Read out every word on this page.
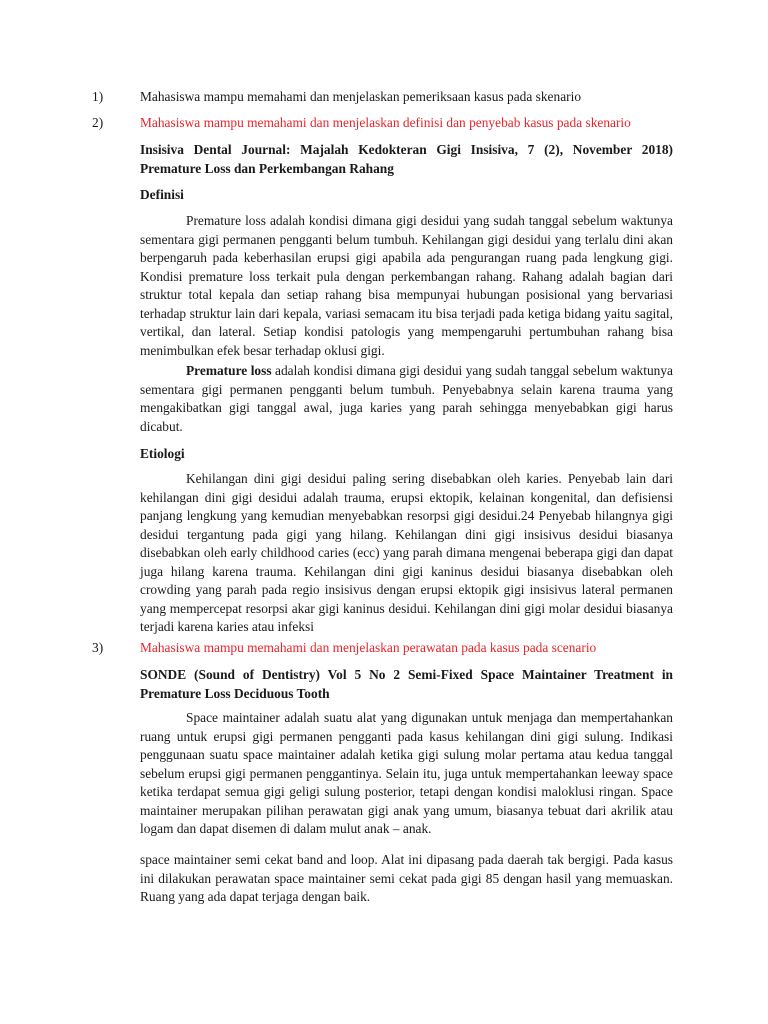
1)	Mahasiswa mampu memahami dan menjelaskan pemeriksaan kasus pada skenario
2)	Mahasiswa mampu memahami dan menjelaskan definisi dan penyebab kasus pada skenario
Insisiva Dental Journal: Majalah Kedokteran Gigi Insisiva, 7 (2), November 2018) Premature Loss dan Perkembangan Rahang
Definisi

Premature loss adalah kondisi dimana gigi desidui yang sudah tanggal sebelum waktunya sementara gigi permanen pengganti belum tumbuh. Kehilangan gigi desidui yang terlalu dini akan berpengaruh pada keberhasilan erupsi gigi apabila ada pengurangan ruang pada lengkung gigi. Kondisi premature loss terkait pula dengan perkembangan rahang. Rahang adalah bagian dari struktur total kepala dan setiap rahang bisa mempunyai hubungan posisional yang bervariasi terhadap struktur lain dari kepala, variasi semacam itu bisa terjadi pada ketiga bidang yaitu sagital, vertikal, dan lateral. Setiap kondisi patologis yang mempengaruhi pertumbuhan rahang bisa menimbulkan efek besar terhadap oklusi gigi.

Premature loss adalah kondisi dimana gigi desidui yang sudah tanggal sebelum waktunya sementara gigi permanen pengganti belum tumbuh. Penyebabnya selain karena trauma yang mengakibatkan gigi tanggal awal, juga karies yang parah sehingga menyebabkan gigi harus dicabut.

Etiologi

Kehilangan dini gigi desidui paling sering disebabkan oleh karies. Penyebab lain dari kehilangan dini gigi desidui adalah trauma, erupsi ektopik, kelainan kongenital, dan defisiensi panjang lengkung yang kemudian menyebabkan resorpsi gigi desidui.24 Penyebab hilangnya gigi desidui tergantung pada gigi yang hilang. Kehilangan dini gigi insisivus desidui biasanya disebabkan oleh early childhood caries (ecc) yang parah dimana mengenai beberapa gigi dan dapat juga hilang karena trauma. Kehilangan dini gigi kaninus desidui biasanya disebabkan oleh crowding yang parah pada regio insisivus dengan erupsi ektopik gigi insisivus lateral permanen yang mempercepat resorpsi akar gigi kaninus desidui. Kehilangan dini gigi molar desidui biasanya terjadi karena karies atau infeksi

3)	Mahasiswa mampu memahami dan menjelaskan perawatan pada kasus pada scenario
SONDE (Sound of Dentistry) Vol 5 No 2 Semi-Fixed Space Maintainer Treatment in Premature Loss Deciduous Tooth

Space maintainer adalah suatu alat yang digunakan untuk menjaga dan mempertahankan ruang untuk erupsi gigi permanen pengganti pada kasus kehilangan dini gigi sulung. Indikasi penggunaan suatu space maintainer adalah ketika gigi sulung molar pertama atau kedua tanggal sebelum erupsi gigi permanen penggantinya. Selain itu, juga untuk mempertahankan leeway space ketika terdapat semua gigi geligi sulung posterior, tetapi dengan kondisi maloklusi ringan. Space maintainer merupakan pilihan perawatan gigi anak yang umum, biasanya tebuat dari akrilik atau logam dan dapat disemen di dalam mulut anak – anak.

space maintainer semi cekat band and loop. Alat ini dipasang pada daerah tak bergigi. Pada kasus ini dilakukan perawatan space maintainer semi cekat pada gigi 85 dengan hasil yang memuaskan. Ruang yang ada dapat terjaga dengan baik.
